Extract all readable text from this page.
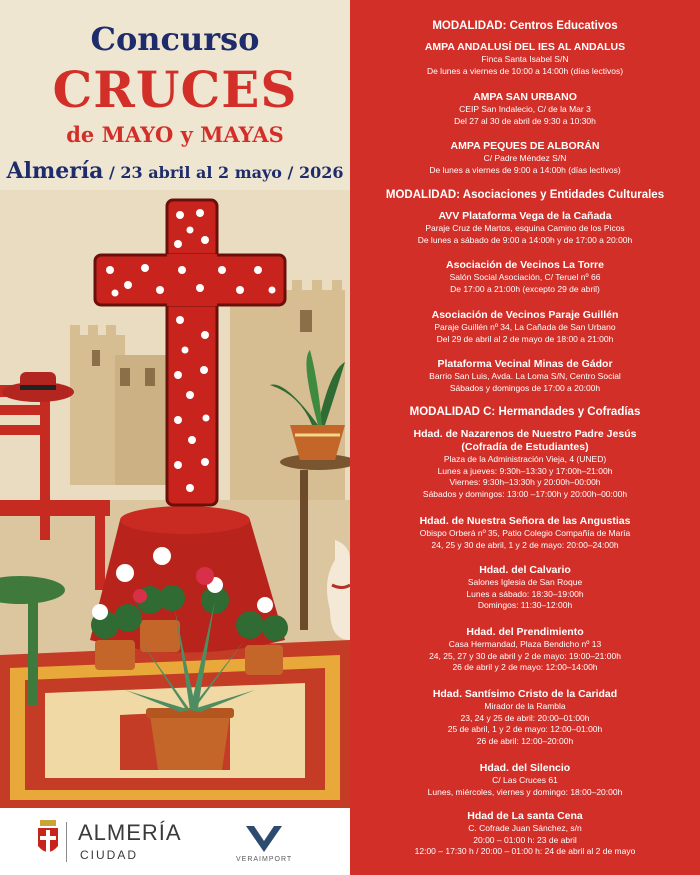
Concurso
CRUCES
de MAYO y MAYAS
Almería / 23 abril al 2 mayo / 2026
ALMERÍA
CIUDAD	VERAIMPORT
MODALIDAD: Centros Educativos
AMPA ANDALUSÍ DEL IES AL ANDALUS
Finca Santa Isabel S/N
De lunes a viernes de 10:00 a 14:00h (días lectivos)
AMPA SAN URBANO
CEIP San Indalecio, C/ de la Mar 3
Del 27 al 30 de abril de 9:30 a 10:30h
AMPA PEQUES DE ALBORÁN
C/ Padre Méndez S/N
De lunes a viernes de 9:00 a 14:00h (días lectivos)
MODALIDAD: Asociaciones y Entidades Culturales
AVV Plataforma Vega de la Cañada
Paraje Cruz de Martos, esquina Camino de los Picos
De lunes a sábado de 9:00 a 14:00h y de 17:00 a 20:00h
Asociación de Vecinos La Torre
Salón Social Asociación, C/ Teruel nº 66
De 17:00 a 21:00h (excepto 29 de abril)
Asociación de Vecinos Paraje Guillén
Paraje Guillén nº 34, La Cañada de San Urbano
Del 29 de abril al 2 de mayo de 18:00 a 21:00h
Plataforma Vecinal Minas de Gádor
Barrio San Luis, Avda. La Loma S/N, Centro Social
Sábados y domingos de 17:00 a 20:00h
MODALIDAD C: Hermandades y Cofradías
Hdad. de Nazarenos de Nuestro Padre Jesús
(Cofradía de Estudiantes)
Plaza de la Administración Vieja, 4 (UNED)
Lunes a jueves: 9:30h–13:30 y 17:00h–21:00h
Viernes: 9:30h–13:30h y 20:00h–00:00h
Sábados y domingos: 13:00 –17:00h y 20:00h–00:00h
Hdad. de Nuestra Señora de las Angustias
Obispo Orberá nº 35, Patio Colegio Compañía de María
24, 25 y 30 de abril, 1 y 2 de mayo: 20:00–24:00h
Hdad. del Calvario
Salones Iglesia de San Roque
Lunes a sábado: 18:30–19:00h
Domingos: 11:30–12:00h
Hdad. del Prendimiento
Casa Hermandad, Plaza Bendicho nº 13
24, 25, 27 y 30 de abril y 2 de mayo: 19:00–21:00h
26 de abril y 2 de mayo: 12:00–14:00h
Hdad. Santísimo Cristo de la Caridad
Mirador de la Rambla
23, 24 y 25 de abril: 20:00–01:00h
25 de abril, 1 y 2 de mayo: 12:00–01:00h
26 de abril: 12:00–20:00h
Hdad. del Silencio
C/ Las Cruces 61
Lunes, miércoles, viernes y domingo: 18:00–20:00h
Hdad de La santa Cena
C. Cofrade Juan Sánchez, s/n
20:00 – 01:00 h: 23 de abril
12:00 – 17:30 h / 20:00 – 01:00 h: 24 de abril al 2 de mayo
